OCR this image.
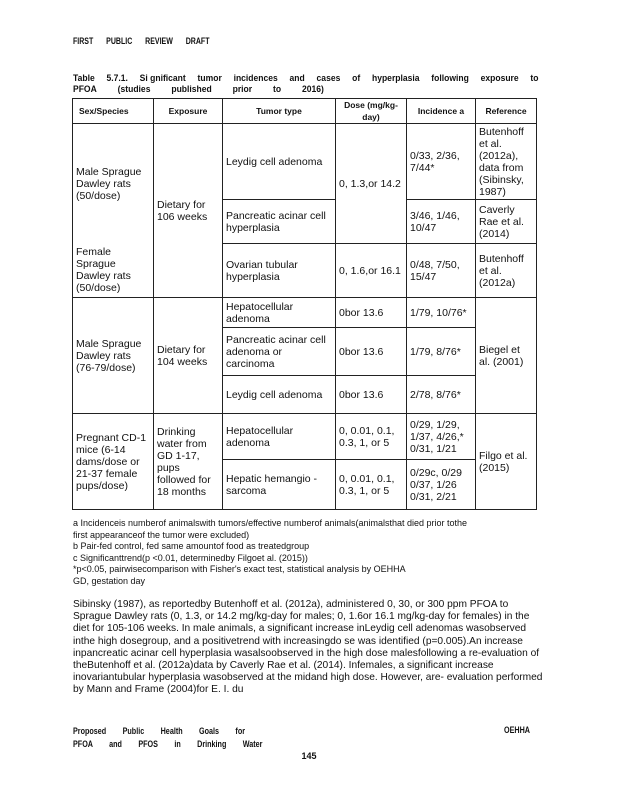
FIRST PUBLIC REVIEW DRAFT
Table 5.7.1. Si gnificant tumor incidences and cases of hyperplasia following exposure to
PFOA (studies published prior to 2016)
Sex/Species	Exposure	Tumor type	Dose (mg/kg-day)	Incidence a	Reference
Male Sprague Dawley rats (50/dose)	Dietary for 106 weeks	Leydig cell adenoma	0, 1.3,or 14.2	0/33, 2/36, 7/44*	Butenhoff et al. (2012a), data from (Sibinsky, 1987)
		Pancreatic acinar cell hyperplasia		3/46, 1/46, 10/47	Caverly Rae et al. (2014)
Female Sprague Dawley rats (50/dose)		Ovarian tubular hyperplasia	0, 1.6,or 16.1	0/48, 7/50, 15/47	Butenhoff et al. (2012a)
Male Sprague Dawley rats (76-79/dose)	Dietary for 104 weeks	Hepatocellular adenoma	0bor 13.6	1/79, 10/76*	Biegel et al. (2001)
		Pancreatic acinar cell adenoma or carcinoma	0bor 13.6	1/79, 8/76*	
		Leydig cell adenoma	0bor 13.6	2/78, 8/76*	
Pregnant CD-1 mice (6-14 dams/dose or 21-37 female pups/dose)	Drinking water from GD 1-17, pups followed for 18 months	Hepatocellular adenoma	0, 0.01, 0.1, 0.3, 1, or 5	0/29, 1/29, 1/37, 4/26,* 0/31, 1/21	Filgo et al. (2015)
		Hepatic hemangio - sarcoma	0, 0.01, 0.1, 0.3, 1, or 5	0/29c, 0/29 0/37, 1/26 0/31, 2/21	
a Incidenceis numberof animalswith tumors/effective numberof animals(animalsthat died prior tothe
first appearanceof the tumor were excluded)
b Pair-fed control, fed same amountof food as treatedgroup
c Significanttrend(p <0.01, determinedby Filgoet al. (2015))
*p<0.05, pairwisecomparison with Fisher's exact test, statistical analysis by OEHHA
GD, gestation day
Sibinsky (1987), as reportedby Butenhoff et al. (2012a), administered 0, 30, or 300 ppm PFOA to Sprague Dawley rats (0, 1.3, or 14.2 mg/kg-day for males; 0, 1.6or 16.1 mg/kg-day for females) in the diet for 105-106 weeks. In male animals, a significant increase inLeydig cell adenomas wasobserved inthe high dosegroup, and a positivetrend with increasingdo se was identified (p=0.005).An increase inpancreatic acinar cell hyperplasia wasalsoobserved in the high dose malesfollowing a re-evaluation of theButenhoff et al. (2012a)data by Caverly Rae et al. (2014). Infemales, a significant increase inovariantubular hyperplasia wasobserved at the midand high dose. However, are- evaluation performed by Mann and Frame (2004)for E. I. du
Proposed Public Health Goals for
PFOA and PFOS in Drinking Water
OEHHA
145
